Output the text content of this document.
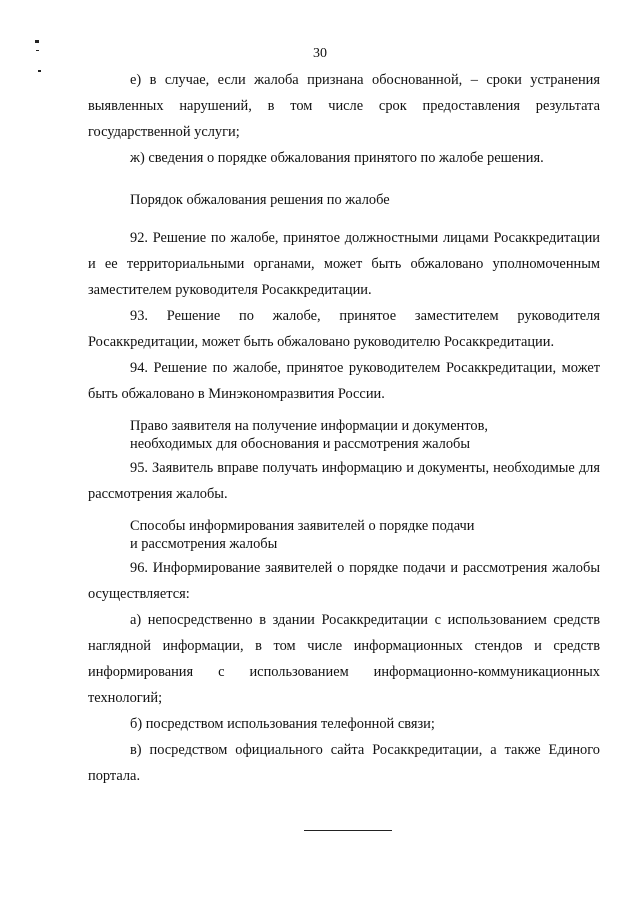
30

е) в случае, если жалоба признана обоснованной, – сроки устранения выявленных нарушений, в том числе срок предоставления результата государственной услуги;

ж) сведения о порядке обжалования принятого по жалобе решения.

Порядок обжалования решения по жалобе

92. Решение по жалобе, принятое должностными лицами Росаккредитации и ее территориальными органами, может быть обжаловано уполномоченным заместителем руководителя Росаккредитации.

93. Решение по жалобе, принятое заместителем руководителя Росаккредитации, может быть обжаловано руководителю Росаккредитации.

94. Решение по жалобе, принятое руководителем Росаккредитации, может быть обжаловано в Минэкономразвития России.

Право заявителя на получение информации и документов,

необходимых для обоснования и рассмотрения жалобы

95. Заявитель вправе получать информацию и документы, необходимые для рассмотрения жалобы.

Способы информирования заявителей о порядке подачи

и рассмотрения жалобы

96. Информирование заявителей о порядке подачи и рассмотрения жалобы осуществляется:

а) непосредственно в здании Росаккредитации с использованием средств наглядной информации, в том числе информационных стендов и средств информирования с использованием информационно-коммуникационных технологий;

б) посредством использования телефонной связи;

в) посредством официального сайта Росаккредитации, а также Единого портала.
